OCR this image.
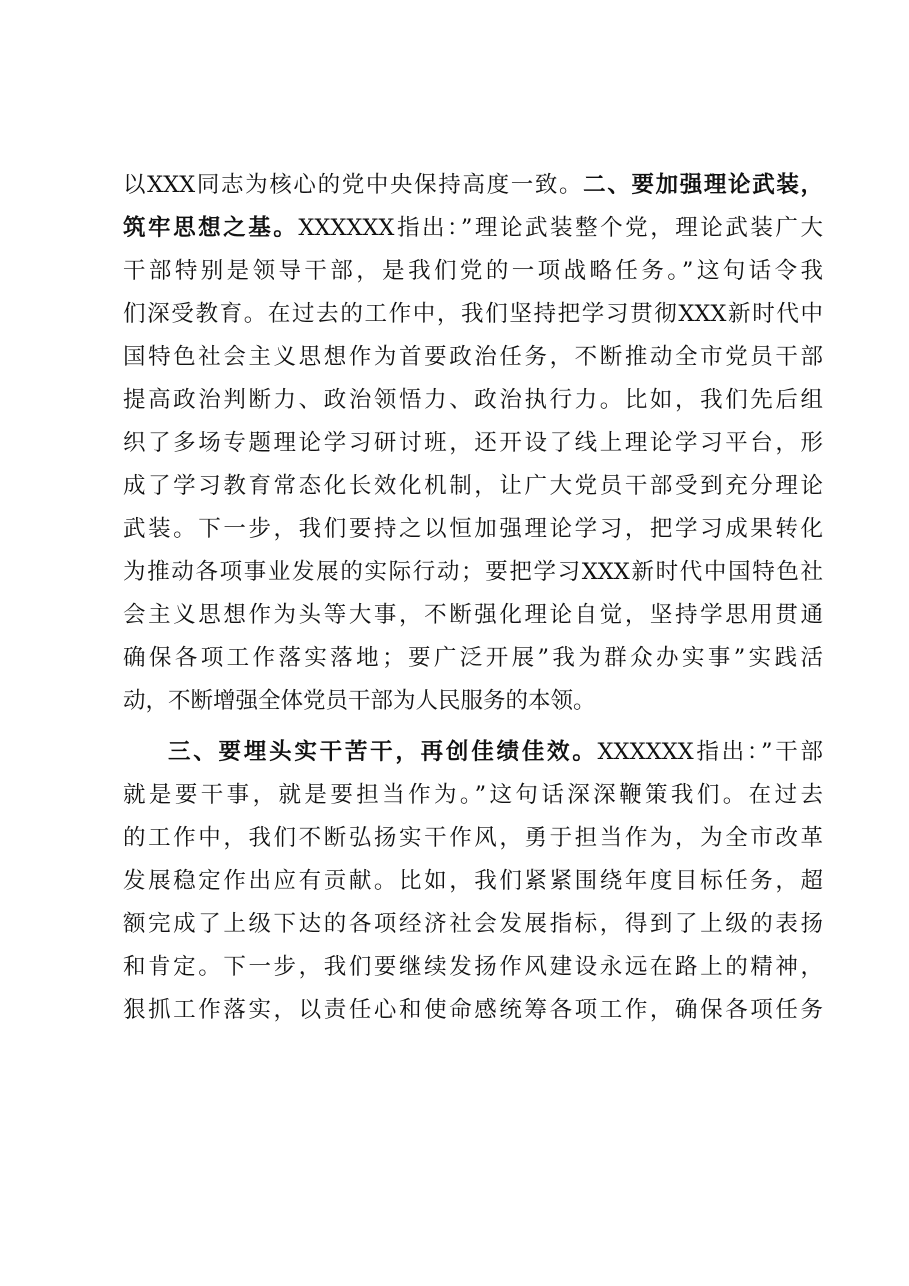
以XXX同志为核心的党中央保持高度一致。二、要加强理论武装，
筑牢思想之基。XXXXXX指出：”理论武装整个党，理论武装广大
干部特别是领导干部，是我们党的一项战略任务。”这句话令我
们深受教育。在过去的工作中，我们坚持把学习贯彻XXX新时代中
国特色社会主义思想作为首要政治任务，不断推动全市党员干部
提高政治判断力、政治领悟力、政治执行力。比如，我们先后组
织了多场专题理论学习研讨班，还开设了线上理论学习平台，形
成了学习教育常态化长效化机制，让广大党员干部受到充分理论
武装。下一步，我们要持之以恒加强理论学习，把学习成果转化
为推动各项事业发展的实际行动；要把学习XXX新时代中国特色社
会主义思想作为头等大事，不断强化理论自觉，坚持学思用贯通
确保各项工作落实落地；要广泛开展”我为群众办实事”实践活
动，不断增强全体党员干部为人民服务的本领。
三、要埋头实干苦干，再创佳绩佳效。XXXXXX指出：”干部
就是要干事，就是要担当作为。”这句话深深鞭策我们。在过去
的工作中，我们不断弘扬实干作风，勇于担当作为，为全市改革
发展稳定作出应有贡献。比如，我们紧紧围绕年度目标任务，超
额完成了上级下达的各项经济社会发展指标，得到了上级的表扬
和肯定。下一步，我们要继续发扬作风建设永远在路上的精神，
狠抓工作落实，以责任心和使命感统筹各项工作，确保各项任务
